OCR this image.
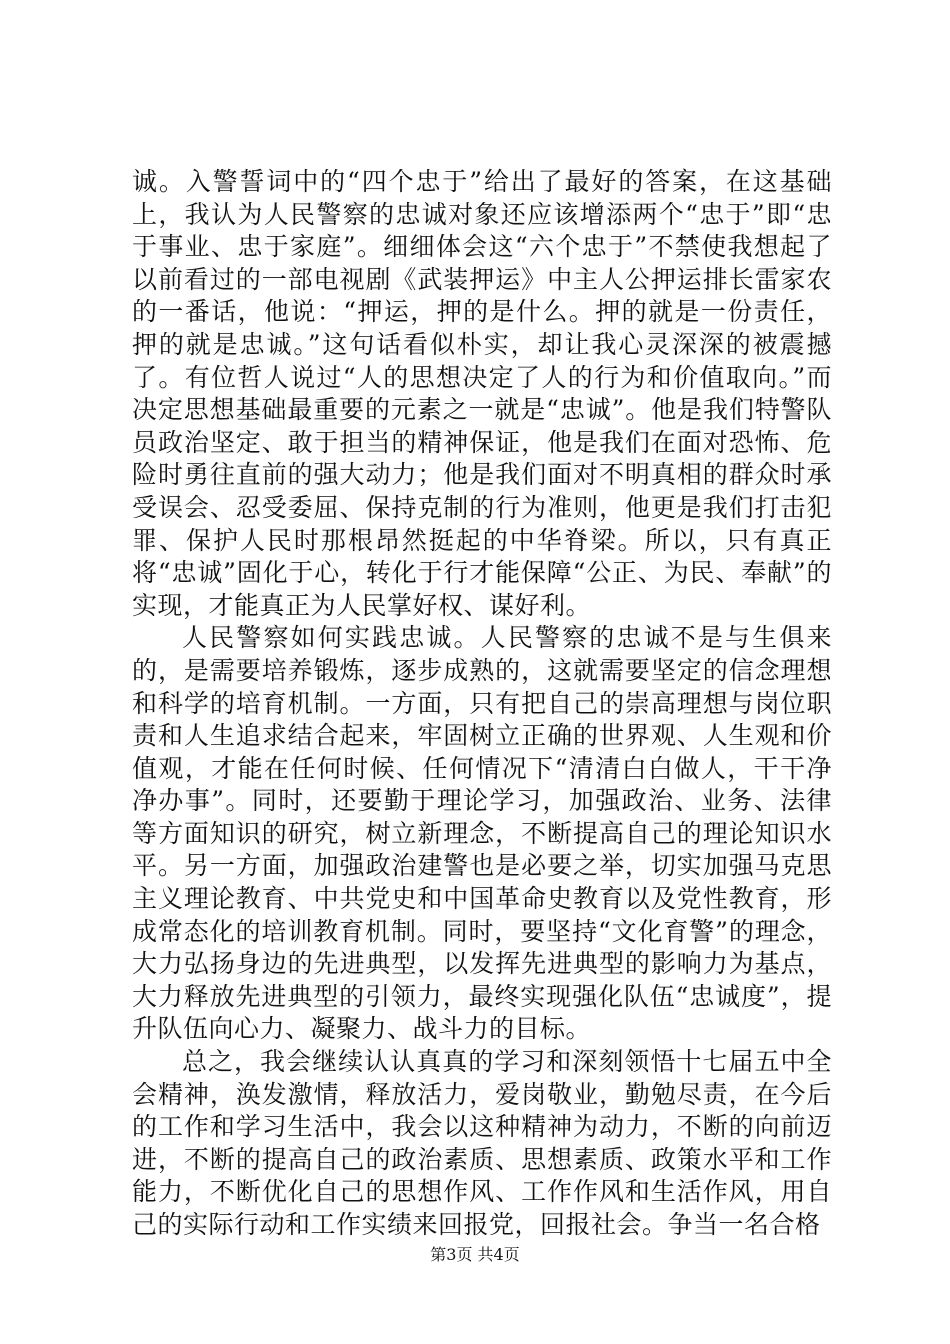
诚。入警誓词中的“四个忠于”给出了最好的答案，在这基础上，我认为人民警察的忠诚对象还应该增添两个“忠于”即“忠于事业、忠于家庭”。细细体会这“六个忠于”不禁使我想起了以前看过的一部电视剧《武装押运》中主人公押运排长雷家农的一番话，他说：“押运，押的是什么。押的就是一份责任，押的就是忠诚。”这句话看似朴实，却让我心灵深深的被震撼了。有位哲人说过“人的思想决定了人的行为和价值取向。”而决定思想基础最重要的元素之一就是“忠诚”。他是我们特警队员政治坚定、敢于担当的精神保证，他是我们在面对恐怖、危险时勇往直前的强大动力；他是我们面对不明真相的群众时承受误会、忍受委屈、保持克制的行为准则，他更是我们打击犯罪、保护人民时那根昂然挺起的中华脊梁。所以，只有真正将“忠诚”固化于心，转化于行才能保障“公正、为民、奉献”的实现，才能真正为人民掌好权、谋好利。

人民警察如何实践忠诚。人民警察的忠诚不是与生俱来的，是需要培养锻炼，逐步成熟的，这就需要坚定的信念理想和科学的培育机制。一方面，只有把自己的崇高理想与岗位职责和人生追求结合起来，牢固树立正确的世界观、人生观和价值观，才能在任何时候、任何情况下“清清白白做人，干干净净办事”。同时，还要勤于理论学习，加强政治、业务、法律等方面知识的研究，树立新理念，不断提高自己的理论知识水平。另一方面，加强政治建警也是必要之举，切实加强马克思主义理论教育、中共党史和中国革命史教育以及党性教育，形成常态化的培训教育机制。同时，要坚持“文化育警”的理念，大力弘扬身边的先进典型，以发挥先进典型的影响力为基点，大力释放先进典型的引领力，最终实现强化队伍“忠诚度”，提升队伍向心力、凝聚力、战斗力的目标。

总之，我会继续认认真真的学习和深刻领悟十七届五中全会精神，涣发激情，释放活力，爱岗敬业，勤勉尽责，在今后的工作和学习生活中，我会以这种精神为动力，不断的向前迈进，不断的提高自己的政治素质、思想素质、政策水平和工作能力，不断优化自己的思想作风、工作作风和生活作风，用自己的实际行动和工作实绩来回报党，回报社会。争当一名合格

第3页 共4页
